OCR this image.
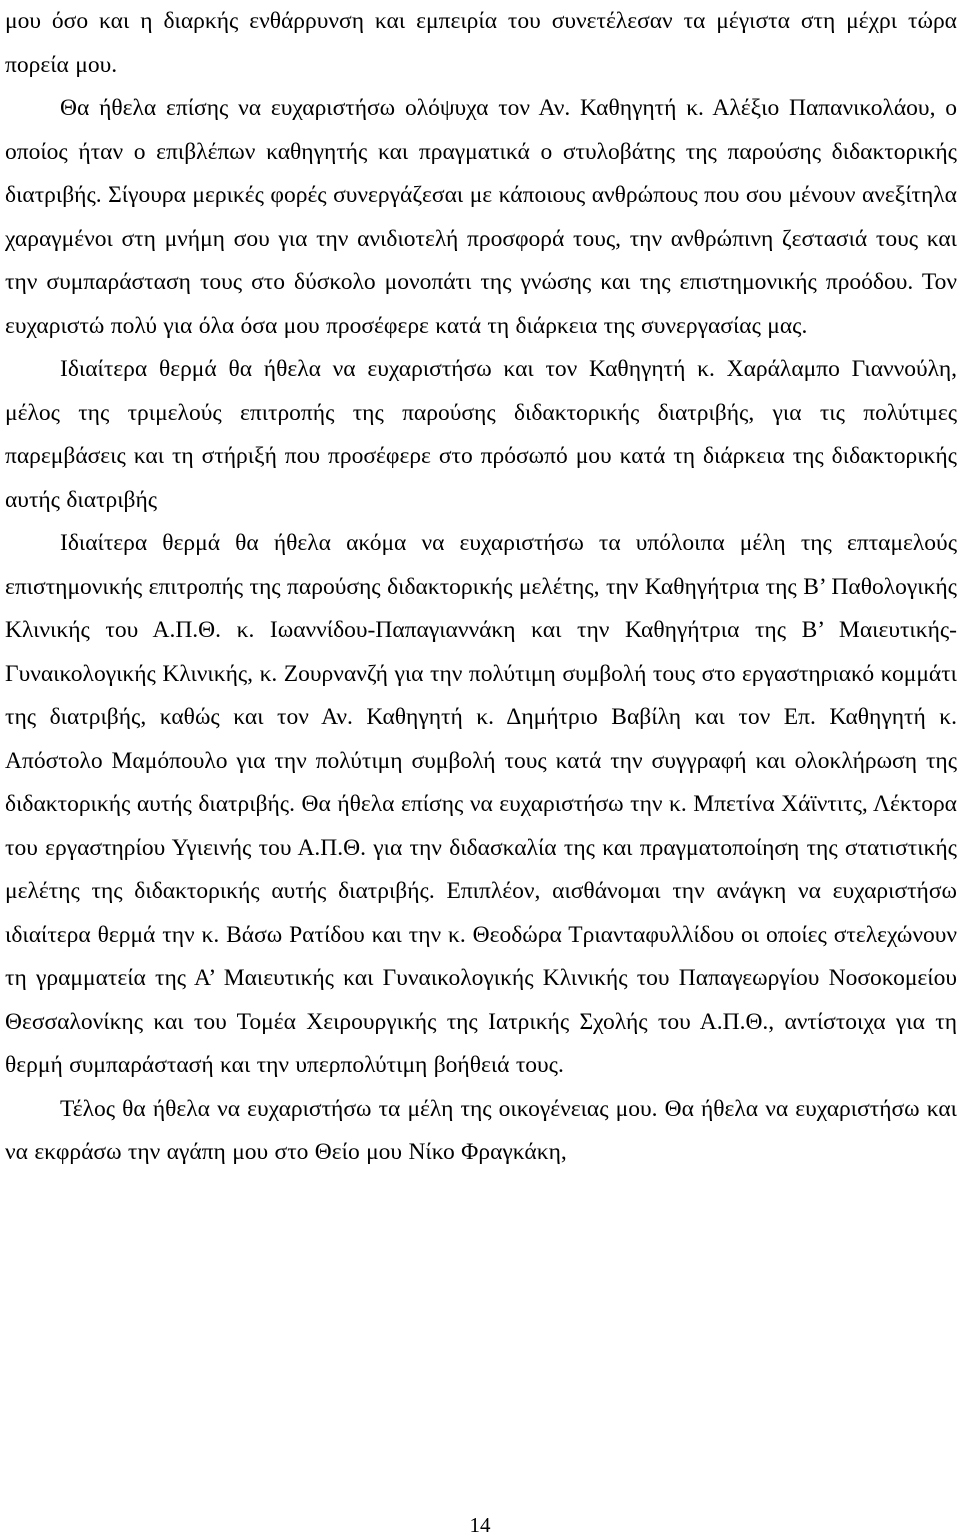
μου όσο και η διαρκής ενθάρρυνση και εμπειρία του συνετέλεσαν τα μέγιστα στη μέχρι τώρα πορεία μου.

Θα ήθελα επίσης να ευχαριστήσω ολόψυχα τον Αν. Καθηγητή κ. Αλέξιο Παπανικολάου, ο οποίος ήταν ο επιβλέπων καθηγητής και πραγματικά ο στυλοβάτης της παρούσης διδακτορικής διατριβής. Σίγουρα μερικές φορές συνεργάζεσαι με κάποιους ανθρώπους που σου μένουν ανεξίτηλα χαραγμένοι στη μνήμη σου για την ανιδιοτελή προσφορά τους, την ανθρώπινη ζεστασιά τους και την συμπαράσταση τους στο δύσκολο μονοπάτι της γνώσης και της επιστημονικής προόδου. Τον ευχαριστώ πολύ για όλα όσα μου προσέφερε κατά τη διάρκεια της συνεργασίας μας.

Ιδιαίτερα θερμά θα ήθελα να ευχαριστήσω και τον Καθηγητή κ. Χαράλαμπο Γιαννούλη, μέλος της τριμελούς επιτροπής της παρούσης διδακτορικής διατριβής, για τις πολύτιμες παρεμβάσεις και τη στήριξή που προσέφερε στο πρόσωπό μου κατά τη διάρκεια της διδακτορικής αυτής διατριβής

Ιδιαίτερα θερμά θα ήθελα ακόμα να ευχαριστήσω τα υπόλοιπα μέλη της επταμελούς επιστημονικής επιτροπής της παρούσης διδακτορικής μελέτης, την Καθηγήτρια της Β’ Παθολογικής Κλινικής του Α.Π.Θ. κ. Ιωαννίδου-Παπαγιαννάκη και την Καθηγήτρια της Β’ Μαιευτικής-Γυναικολογικής Κλινικής, κ. Ζουρνανζή για την πολύτιμη συμβολή τους στο εργαστηριακό κομμάτι της διατριβής, καθώς και τον Αν. Καθηγητή κ. Δημήτριο Βαβίλη και τον Επ. Καθηγητή κ. Απόστολο Μαμόπουλο για την πολύτιμη συμβολή τους κατά την συγγραφή και ολοκλήρωση της διδακτορικής αυτής διατριβής. Θα ήθελα επίσης να ευχαριστήσω την κ. Μπετίνα Χάϊντιτς, Λέκτορα του εργαστηρίου Υγιεινής του Α.Π.Θ. για την διδασκαλία της και πραγματοποίηση της στατιστικής μελέτης της διδακτορικής αυτής διατριβής. Επιπλέον, αισθάνομαι την ανάγκη να ευχαριστήσω ιδιαίτερα θερμά την κ. Βάσω Ρατίδου και την κ. Θεοδώρα Τριανταφυλλίδου οι οποίες στελεχώνουν τη γραμματεία της Α’ Μαιευτικής και Γυναικολογικής Κλινικής του Παπαγεωργίου Νοσοκομείου Θεσσαλονίκης και του Τομέα Χειρουργικής της Ιατρικής Σχολής του Α.Π.Θ., αντίστοιχα για τη θερμή συμπαράστασή και την υπερπολύτιμη βοήθειά τους.

Τέλος θα ήθελα να ευχαριστήσω τα μέλη της οικογένειας μου. Θα ήθελα να ευχαριστήσω και να εκφράσω την αγάπη μου στο Θείο μου Νίκο Φραγκάκη,

14
